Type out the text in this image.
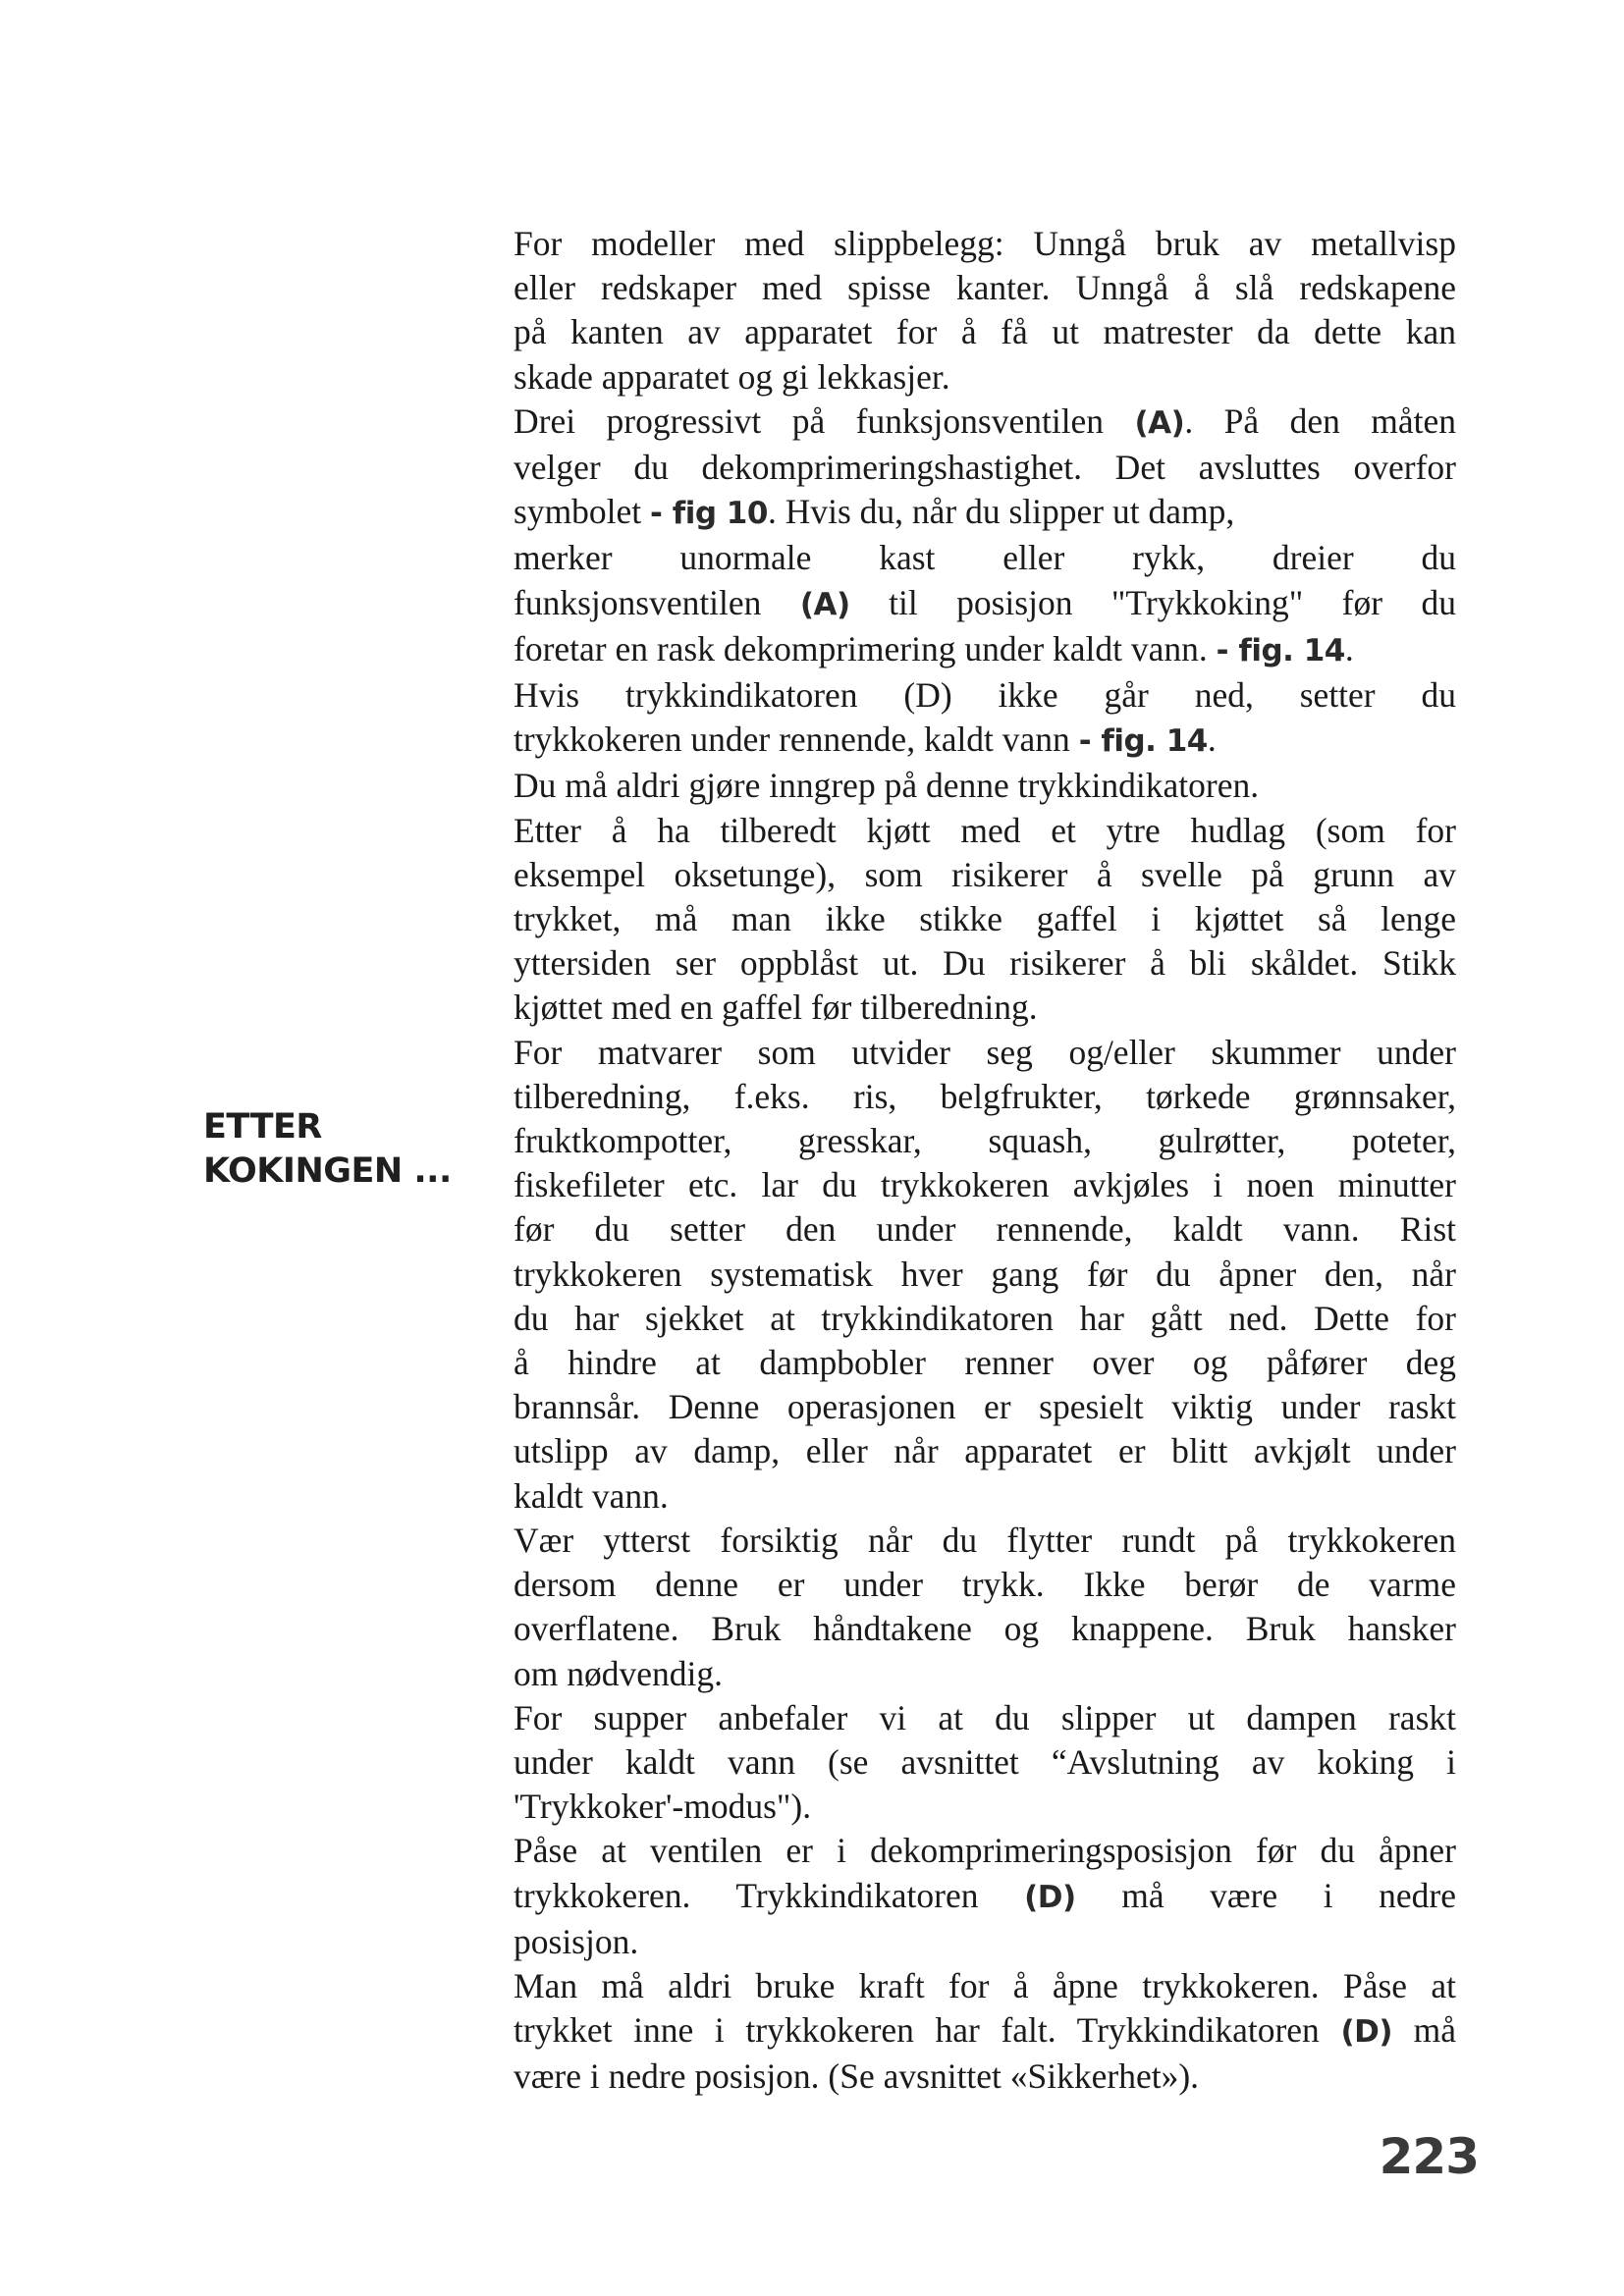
ETTER
KOKINGEN ...
For modeller med slippbelegg: Unngå bruk av metallvisp
eller redskaper med spisse kanter. Unngå å slå redskapene
på kanten av apparatet for å få ut matrester da dette kan
skade apparatet og gi lekkasjer.
Drei progressivt på funksjonsventilen (A). På den måten
velger du dekomprimeringshastighet. Det avsluttes overfor
symbolet - fig 10. Hvis du, når du slipper ut damp,
merker unormale kast eller rykk, dreier du
funksjonsventilen (A) til posisjon "Trykkoking" før du
foretar en rask dekomprimering under kaldt vann. - fig. 14.
Hvis trykkindikatoren (D) ikke går ned, setter du
trykkokeren under rennende, kaldt vann - fig. 14.
Du må aldri gjøre inngrep på denne trykkindikatoren.
Etter å ha tilberedt kjøtt med et ytre hudlag (som for
eksempel oksetunge), som risikerer å svelle på grunn av
trykket, må man ikke stikke gaffel i kjøttet så lenge
yttersiden ser oppblåst ut. Du risikerer å bli skåldet. Stikk
kjøttet med en gaffel før tilberedning.
For matvarer som utvider seg og/eller skummer under
tilberedning, f.eks. ris, belgfrukter, tørkede grønnsaker,
fruktkompotter, gresskar, squash, gulrøtter, poteter,
fiskefileter etc. lar du trykkokeren avkjøles i noen minutter
før du setter den under rennende, kaldt vann. Rist
trykkokeren systematisk hver gang før du åpner den, når
du har sjekket at trykkindikatoren har gått ned. Dette for
å hindre at dampbobler renner over og påfører deg
brannsår. Denne operasjonen er spesielt viktig under raskt
utslipp av damp, eller når apparatet er blitt avkjølt under
kaldt vann.
Vær ytterst forsiktig når du flytter rundt på trykkokeren
dersom denne er under trykk. Ikke berør de varme
overflatene. Bruk håndtakene og knappene. Bruk hansker
om nødvendig.
For supper anbefaler vi at du slipper ut dampen raskt
under kaldt vann (se avsnittet “Avslutning av koking i
'Trykkoker'-modus").
Påse at ventilen er i dekomprimeringsposisjon før du åpner
trykkokeren. Trykkindikatoren (D) må være i nedre
posisjon.
Man må aldri bruke kraft for å åpne trykkokeren. Påse at
trykket inne i trykkokeren har falt. Trykkindikatoren (D) må
være i nedre posisjon. (Se avsnittet «Sikkerhet»).
223
